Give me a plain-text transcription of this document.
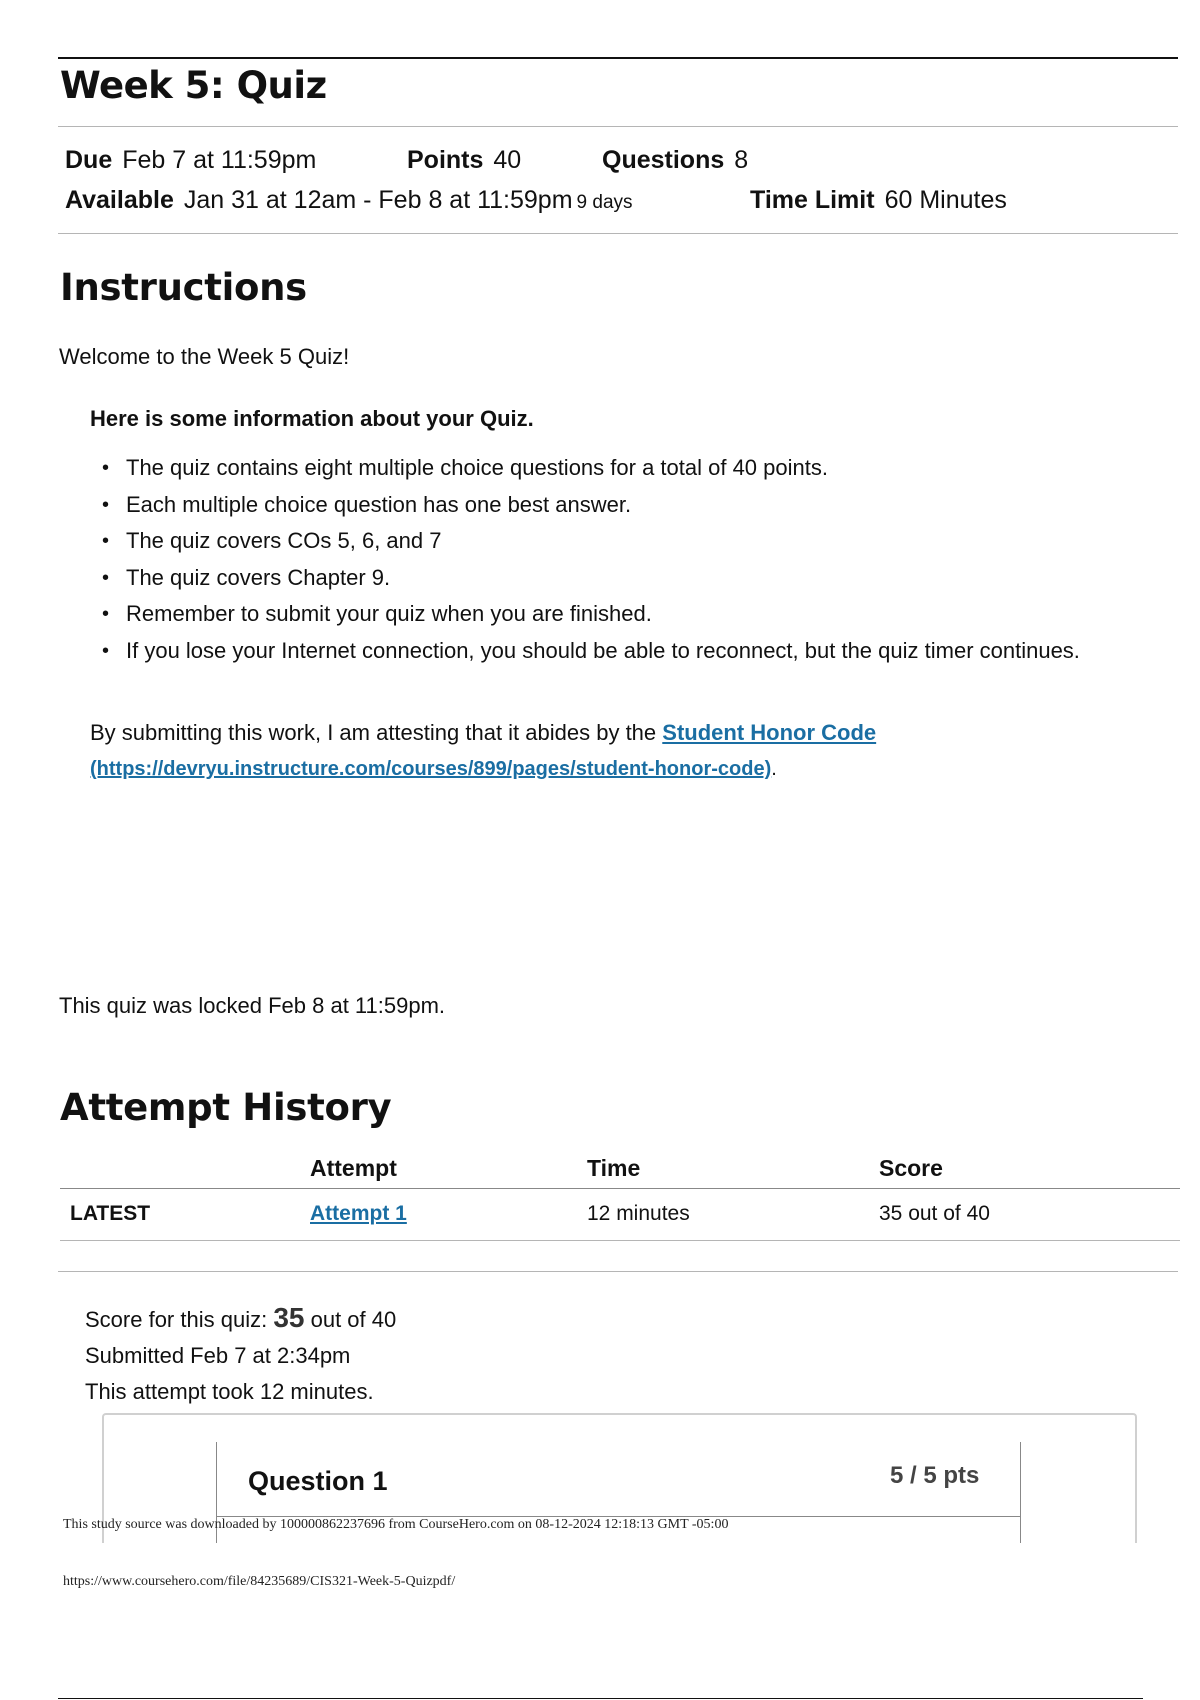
Week 5: Quiz
Due Feb 7 at 11:59pm	Points 40	Questions 8
Available Jan 31 at 12am - Feb 8 at 11:59pm 9 days	Time Limit 60 Minutes
Instructions
Welcome to the Week 5 Quiz!
Here is some information about your Quiz.
• The quiz contains eight multiple choice questions for a total of 40 points.
• Each multiple choice question has one best answer.
• The quiz covers COs 5, 6, and 7
• The quiz covers Chapter 9.
• Remember to submit your quiz when you are finished.
• If you lose your Internet connection, you should be able to reconnect, but the quiz timer continues.
By submitting this work, I am attesting that it abides by the Student Honor Code
(https://devryu.instructure.com/courses/899/pages/student-honor-code).
This quiz was locked Feb 8 at 11:59pm.
Attempt History
	Attempt	Time	Score
LATEST	Attempt 1	12 minutes	35 out of 40
Score for this quiz: 35 out of 40
Submitted Feb 7 at 2:34pm
This attempt took 12 minutes.
Question 1	5 / 5 pts
This study source was downloaded by 100000862237696 from CourseHero.com on 08-12-2024 12:18:13 GMT -05:00
https://www.coursehero.com/file/84235689/CIS321-Week-5-Quizpdf/
